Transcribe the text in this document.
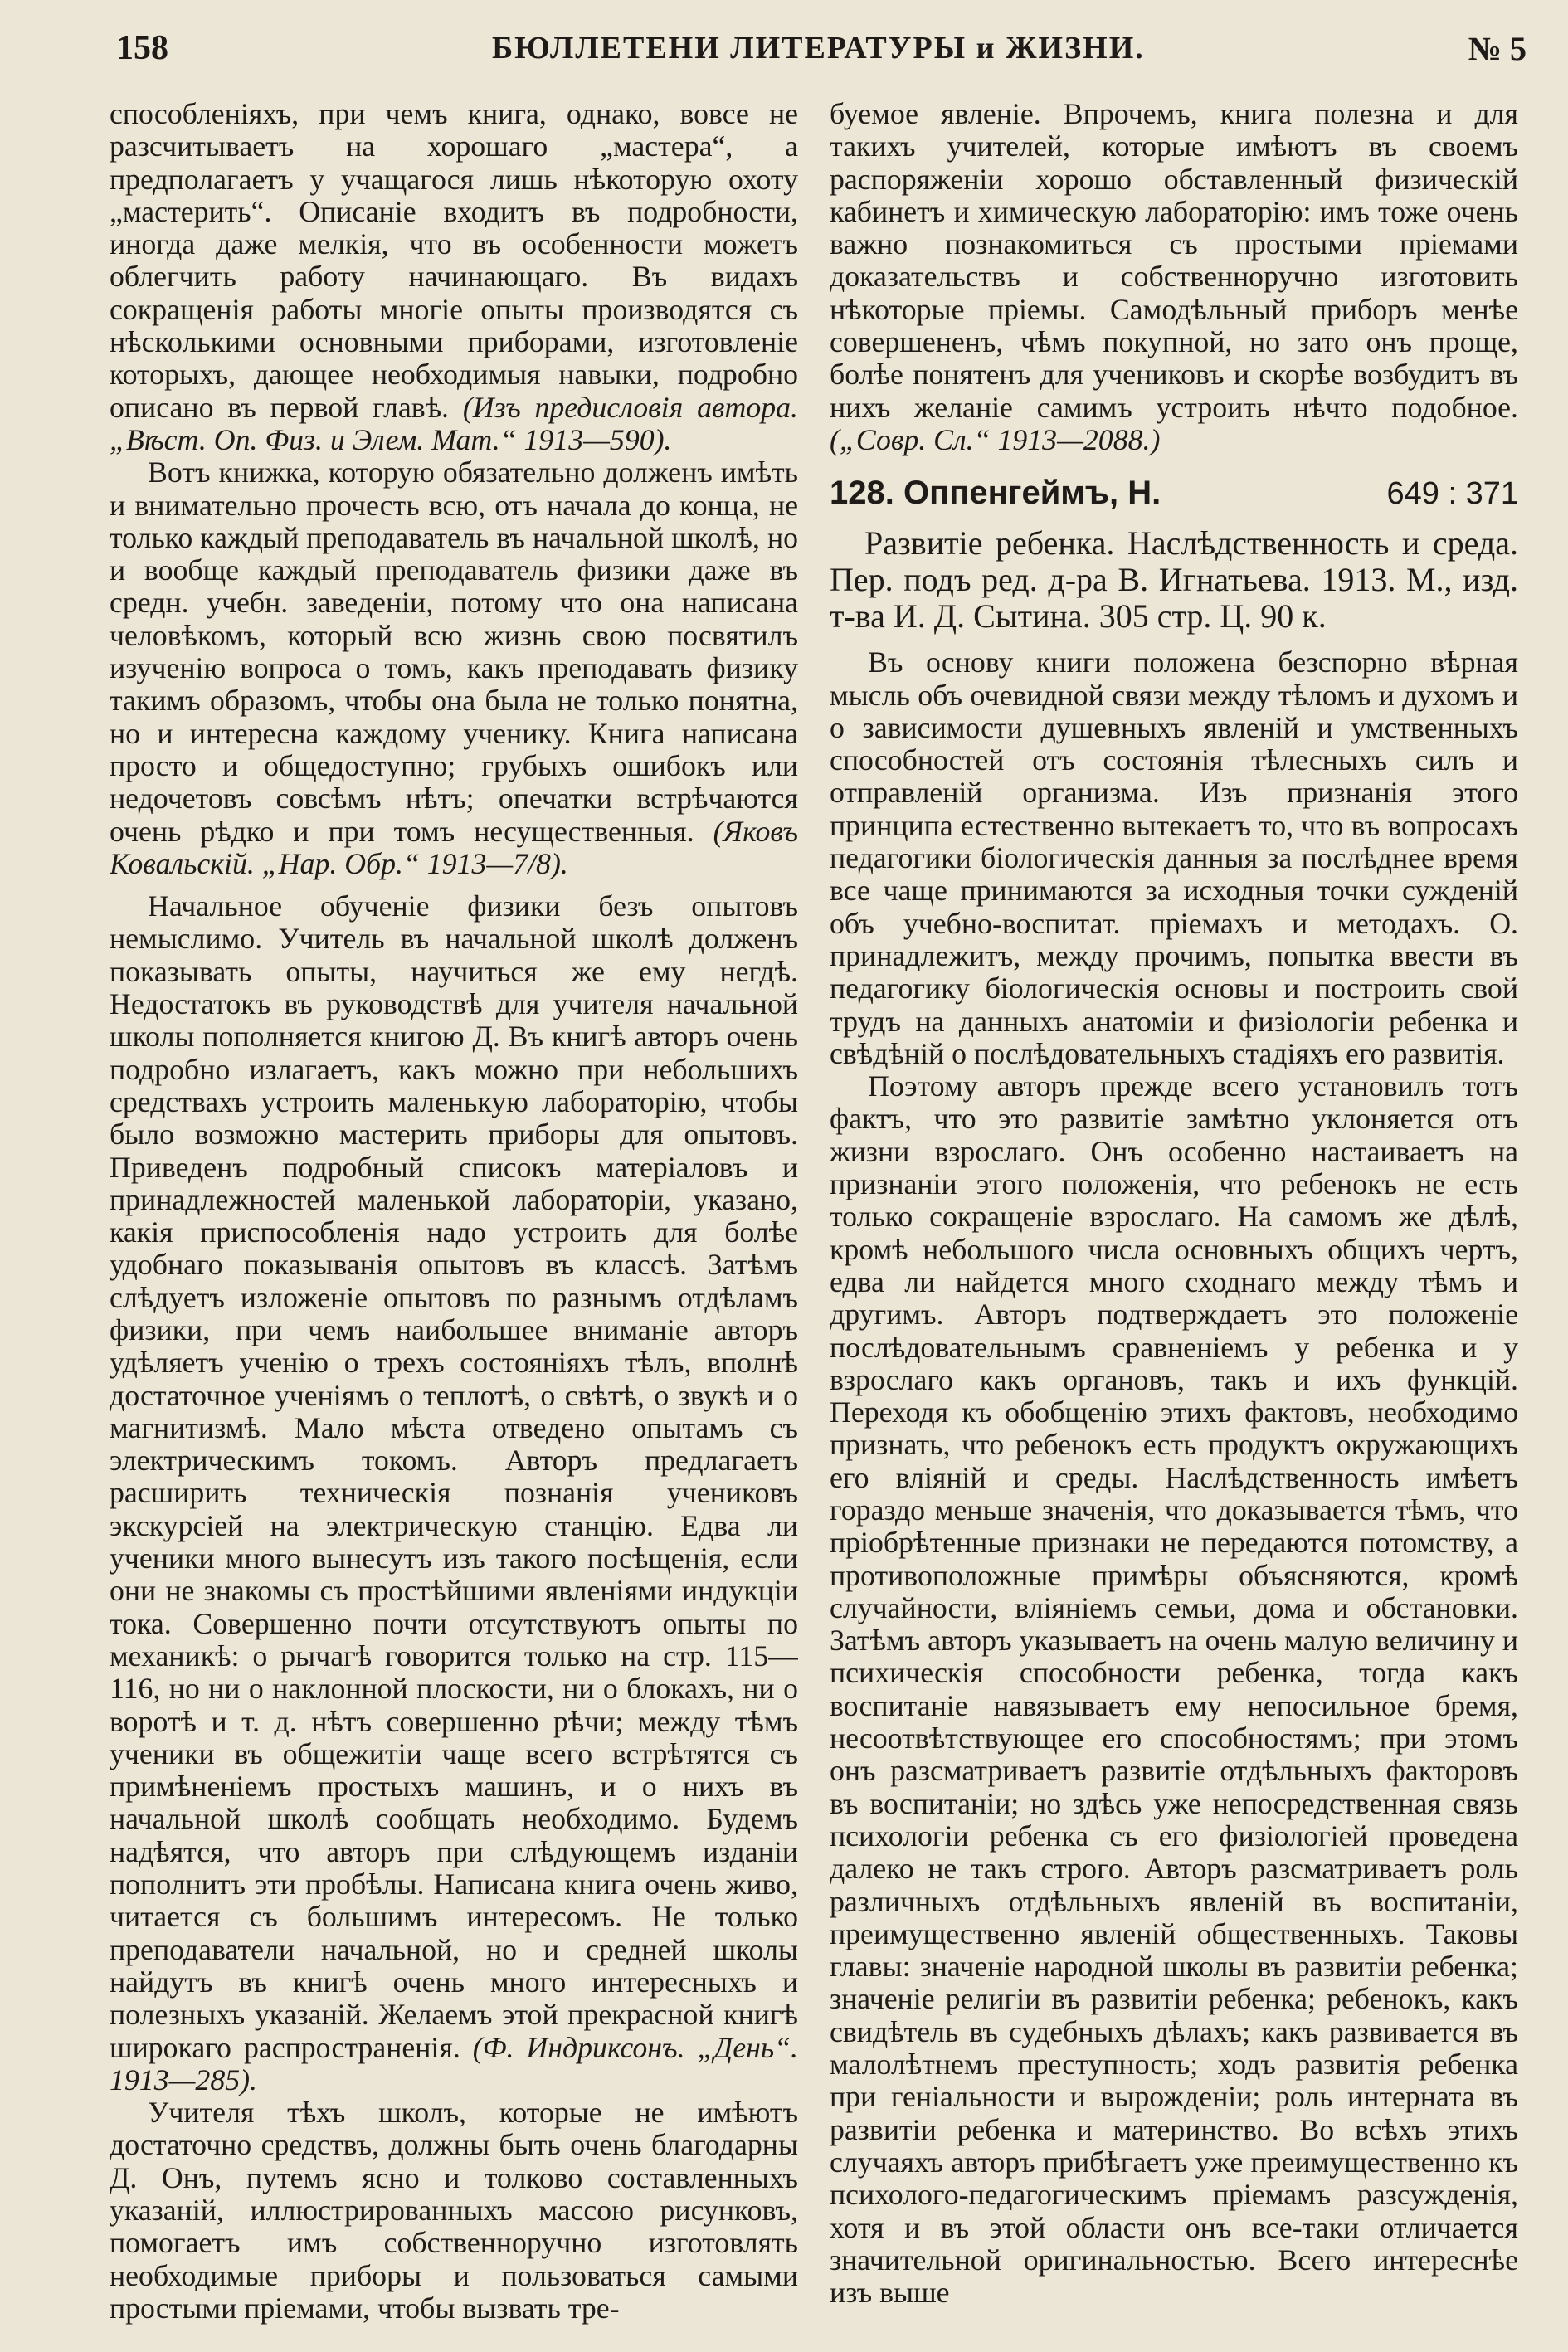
158	БЮЛЛЕТЕНИ ЛИТЕРАТУРЫ и ЖИЗНИ.	№ 5

способленіяхъ, при чемъ книга, однако, вовсе не разсчитываетъ на хорошаго „мастера“, а предполагаетъ у учащагося лишь нѣкоторую охоту „мастерить“. Описаніе входитъ въ подробности, иногда даже мелкія, что въ особенности можетъ облегчить работу начинающаго. Въ видахъ сокращенія работы многіе опыты производятся съ нѣсколькими основными приборами, изготовленіе которыхъ, дающее необходимыя навыки, подробно описано въ первой главѣ. (Изъ предисловія автора. „Вѣст. Оп. Физ. и Элем. Мат.“ 1913—590).

Вотъ книжка, которую обязательно долженъ имѣть и внимательно прочесть всю, отъ начала до конца, не только каждый преподаватель въ начальной школѣ, но и вообще каждый преподаватель физики даже въ средн. учебн. заведеніи, потому что она написана человѣкомъ, который всю жизнь свою посвятилъ изученію вопроса о томъ, какъ преподавать физику такимъ образомъ, чтобы она была не только понятна, но и интересна каждому ученику. Книга написана просто и общедоступно; грубыхъ ошибокъ или недочетовъ совсѣмъ нѣтъ; опечатки встрѣчаются очень рѣдко и при томъ несущественныя. (Яковъ Ковальскій. „Нар. Обр.“ 1913—7/8).

Начальное обученіе физики безъ опытовъ немыслимо. Учитель въ начальной школѣ долженъ показывать опыты, научиться же ему негдѣ. Недостатокъ въ руководствѣ для учителя начальной школы пополняется книгою Д. Въ книгѣ авторъ очень подробно излагаетъ, какъ можно при небольшихъ средствахъ устроить маленькую лабораторію, чтобы было возможно мастерить приборы для опытовъ. Приведенъ подробный списокъ матеріаловъ и принадлежностей маленькой лабораторіи, указано, какія приспособленія надо устроить для болѣе удобнаго показыванія опытовъ въ классѣ. Затѣмъ слѣдуетъ изложеніе опытовъ по разнымъ отдѣламъ физики, при чемъ наибольшее вниманіе авторъ удѣляетъ ученію о трехъ состояніяхъ тѣлъ, вполнѣ достаточное ученіямъ о теплотѣ, о свѣтѣ, о звукѣ и о магнитизмѣ. Мало мѣста отведено опытамъ съ электрическимъ токомъ. Авторъ предлагаетъ расширить техническія познанія учениковъ экскурсіей на электрическую станцію. Едва ли ученики много вынесутъ изъ такого посѣщенія, если они не знакомы съ простѣйшими явленіями индукціи тока. Совершенно почти отсутствуютъ опыты по механикѣ: о рычагѣ говорится только на стр. 115—116, но ни о наклонной плоскости, ни о блокахъ, ни о воротѣ и т. д. нѣтъ совершенно рѣчи; между тѣмъ ученики въ общежитіи чаще всего встрѣтятся съ примѣненіемъ простыхъ машинъ, и о нихъ въ начальной школѣ сообщать необходимо. Будемъ надѣятся, что авторъ при слѣдующемъ изданіи пополнитъ эти пробѣлы. Написана книга очень живо, читается съ большимъ интересомъ. Не только преподаватели начальной, но и средней школы найдутъ въ книгѣ очень много интересныхъ и полезныхъ указаній. Желаемъ этой прекрасной книгѣ широкаго распространенія. (Ф. Индриксонъ. „День“. 1913—285).

Учителя тѣхъ школъ, которые не имѣютъ достаточно средствъ, должны быть очень благодарны Д. Онъ, путемъ ясно и толково составленныхъ указаній, иллюстрированныхъ массою рисунковъ, помогаетъ имъ собственноручно изготовлять необходимые приборы и пользоваться самыми простыми пріемами, чтобы вызвать тре-

буемое явленіе. Впрочемъ, книга полезна и для такихъ учителей, которые имѣютъ въ своемъ распоряженіи хорошо обставленный физическій кабинетъ и химическую лабораторію: имъ тоже очень важно познакомиться съ простыми пріемами доказательствъ и собственноручно изготовить нѣкоторые пріемы. Самодѣльный приборъ менѣе совершененъ, чѣмъ покупной, но зато онъ проще, болѣе понятенъ для учениковъ и скорѣе возбудитъ въ нихъ желаніе самимъ устроить нѣчто подобное. („Совр. Сл.“ 1913—2088.)

128. Оппенгеймъ, Н.	649 : 371
Развитіе ребенка. Наслѣдственность и среда. Пер. подъ ред. д-ра В. Игнатьева. 1913. М., изд. т-ва И. Д. Сытина. 305 стр. Ц. 90 к.

Въ основу книги положена безспорно вѣрная мысль объ очевидной связи между тѣломъ и духомъ и о зависимости душевныхъ явленій и умственныхъ способностей отъ состоянія тѣлесныхъ силъ и отправленій организма. Изъ признанія этого принципа естественно вытекаетъ то, что въ вопросахъ педагогики біологическія данныя за послѣднее время все чаще принимаются за исходныя точки сужденій объ учебно-воспитат. пріемахъ и методахъ. О. принадлежитъ, между прочимъ, попытка ввести въ педагогику біологическія основы и построить свой трудъ на данныхъ анатоміи и физіологіи ребенка и свѣдѣній о послѣдовательныхъ стадіяхъ его развитія.

Поэтому авторъ прежде всего установилъ тотъ фактъ, что это развитіе замѣтно уклоняется отъ жизни взрослаго. Онъ особенно настаиваетъ на признаніи этого положенія, что ребенокъ не есть только сокращеніе взрослаго. На самомъ же дѣлѣ, кромѣ небольшого числа основныхъ общихъ чертъ, едва ли найдется много сходнаго между тѣмъ и другимъ. Авторъ подтверждаетъ это положеніе послѣдовательнымъ сравненіемъ у ребенка и у взрослаго какъ органовъ, такъ и ихъ функцій. Переходя къ обобщенію этихъ фактовъ, необходимо признать, что ребенокъ есть продуктъ окружающихъ его вліяній и среды. Наслѣдственность имѣетъ гораздо меньше значенія, что доказывается тѣмъ, что пріобрѣтенные признаки не передаются потомству, а противоположные примѣры объясняются, кромѣ случайности, вліяніемъ семьи, дома и обстановки. Затѣмъ авторъ указываетъ на очень малую величину и психическія способности ребенка, тогда какъ воспитаніе навязываетъ ему непосильное бремя, несоотвѣтствующее его способностямъ; при этомъ онъ разсматриваетъ развитіе отдѣльныхъ факторовъ въ воспитаніи; но здѣсь уже непосредственная связь психологіи ребенка съ его физіологіей проведена далеко не такъ строго. Авторъ разсматриваетъ роль различныхъ отдѣльныхъ явленій въ воспитаніи, преимущественно явленій общественныхъ. Таковы главы: значеніе народной школы въ развитіи ребенка; значеніе религіи въ развитіи ребенка; ребенокъ, какъ свидѣтель въ судебныхъ дѣлахъ; какъ развивается въ малолѣтнемъ преступность; ходъ развитія ребенка при геніальности и вырожденіи; роль интерната въ развитіи ребенка и материнство. Во всѣхъ этихъ случаяхъ авторъ прибѣгаетъ уже преимущественно къ психолого-педагогическимъ пріемамъ разсужденія, хотя и въ этой области онъ все-таки отличается значительной оригинальностью. Всего интереснѣе изъ выше
